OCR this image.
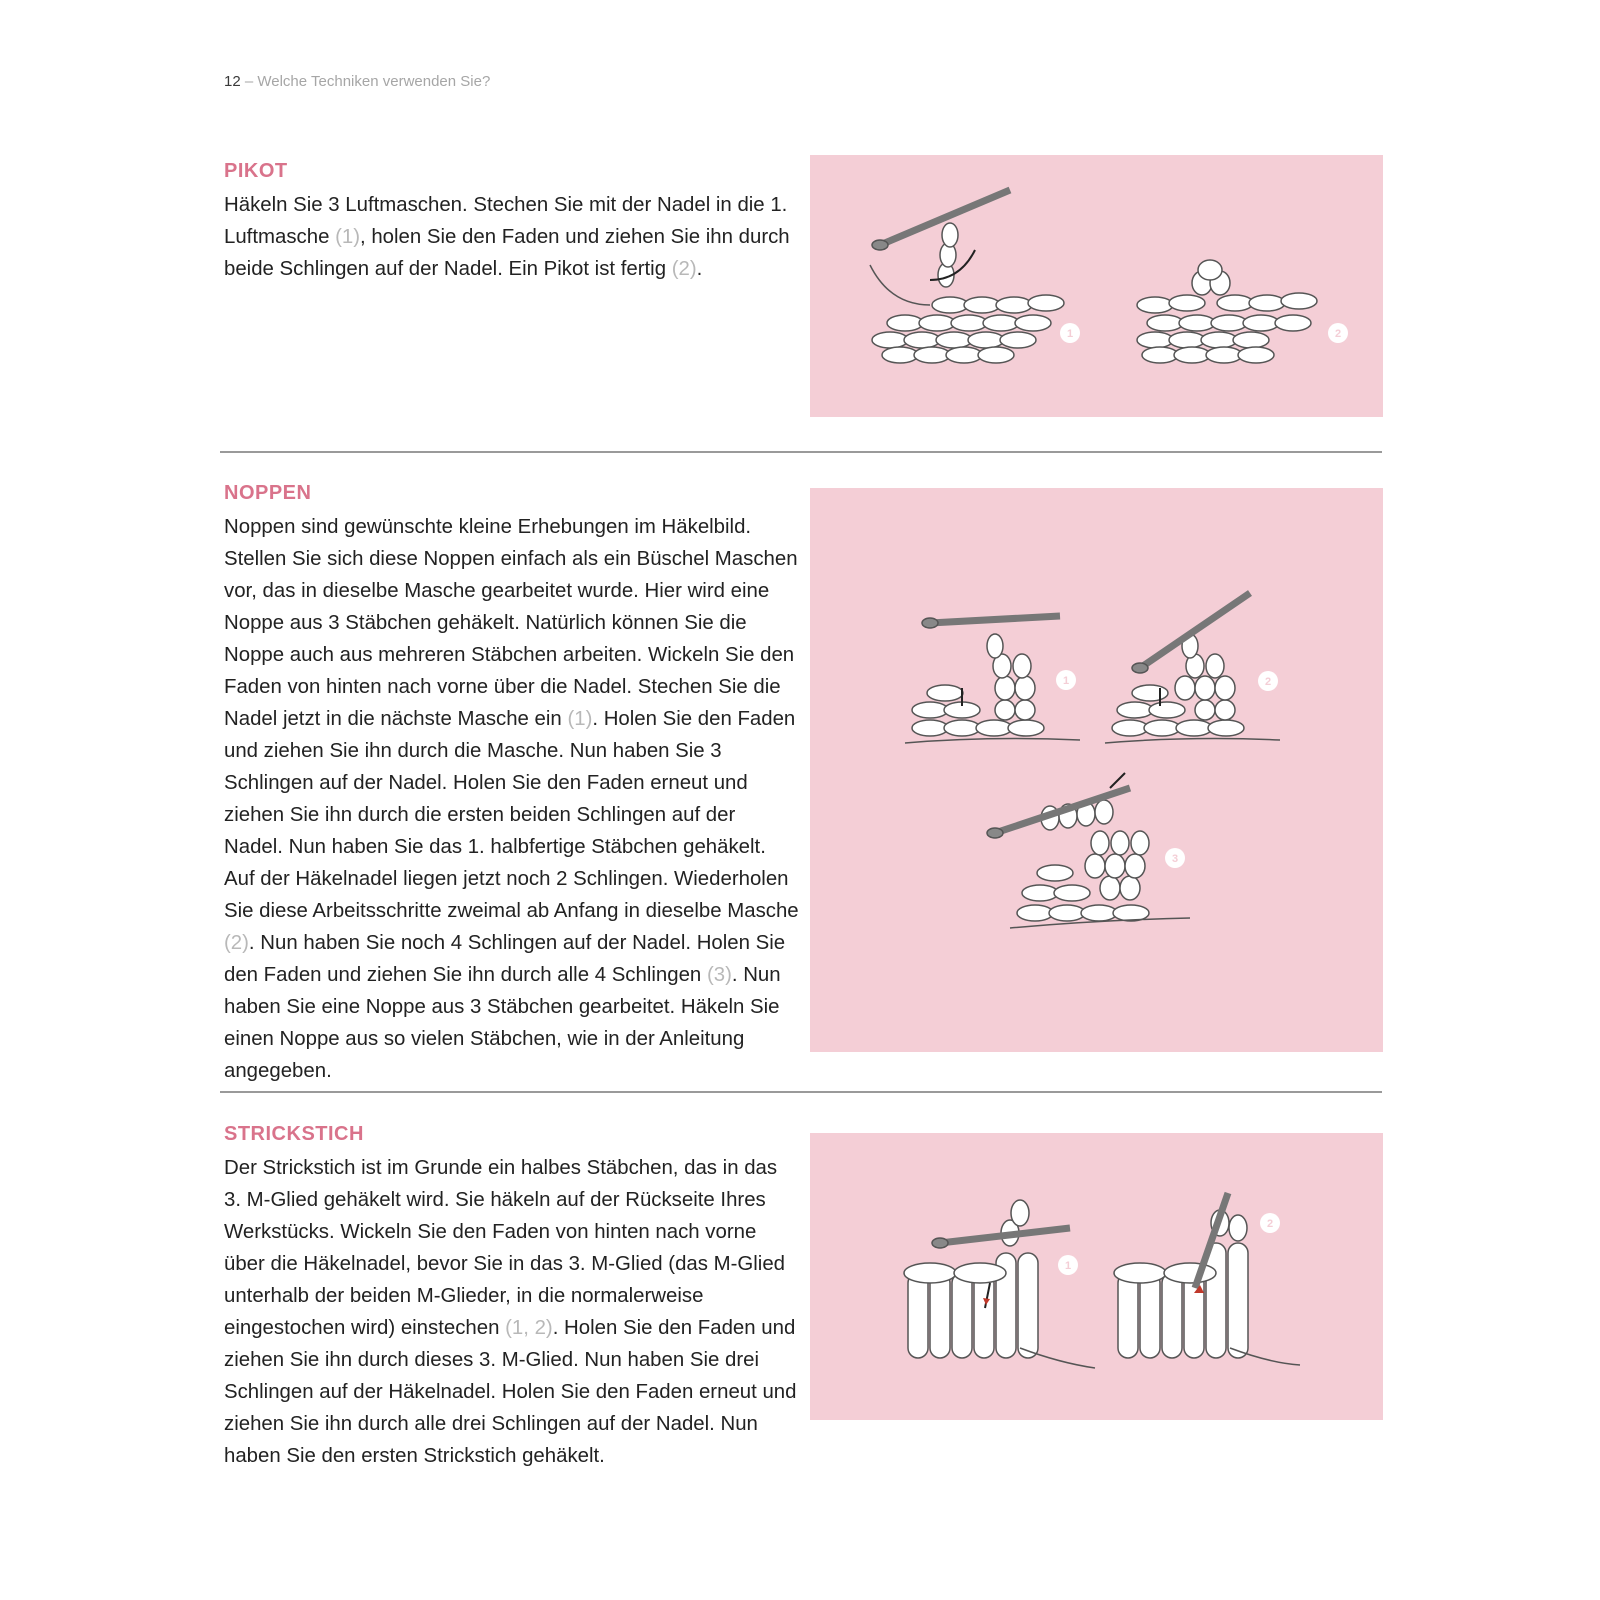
12 – Welche Techniken verwenden Sie?
PIKOT

Häkeln Sie 3 Luftmaschen. Stechen Sie mit der Nadel in die 1. Luftmasche (1), holen Sie den Faden und ziehen Sie ihn durch beide Schlingen auf der Nadel. Ein Pikot ist fertig (2).

1	2
NOPPEN

Noppen sind gewünschte kleine Erhebungen im Häkelbild. Stellen Sie sich diese Noppen einfach als ein Büschel Maschen vor, das in dieselbe Masche gearbeitet wurde. Hier wird eine Noppe aus 3 Stäbchen gehäkelt. Natürlich können Sie die Noppe auch aus mehreren Stäbchen arbeiten. Wickeln Sie den Faden von hinten nach vorne über die Nadel. Stechen Sie die Nadel jetzt in die nächste Masche ein (1). Holen Sie den Faden und ziehen Sie ihn durch die Masche. Nun haben Sie 3 Schlingen auf der Nadel. Holen Sie den Faden erneut und ziehen Sie ihn durch die ersten beiden Schlingen auf der Nadel. Nun haben Sie das 1. halbfertige Stäbchen gehäkelt. Auf der Häkelnadel liegen jetzt noch 2 Schlingen. Wiederholen Sie diese Arbeitsschritte zweimal ab Anfang in dieselbe Masche (2). Nun haben Sie noch 4 Schlingen auf der Nadel. Holen Sie den Faden und ziehen Sie ihn durch alle 4 Schlingen (3). Nun haben Sie eine Noppe aus 3 Stäbchen gearbeitet. Häkeln Sie einen Noppe aus so vielen Stäbchen, wie in der Anleitung angegeben.

1	2
3
STRICKSTICH

Der Strickstich ist im Grunde ein halbes Stäbchen, das in das 3. M-Glied gehäkelt wird. Sie häkeln auf der Rückseite Ihres Werkstücks. Wickeln Sie den Faden von hinten nach vorne über die Häkelnadel, bevor Sie in das 3. M-Glied (das M-Glied unterhalb der beiden M-Glieder, in die normalerweise eingestochen wird) einstechen (1, 2). Holen Sie den Faden und ziehen Sie ihn durch dieses 3. M-Glied. Nun haben Sie drei Schlingen auf der Häkelnadel. Holen Sie den Faden erneut und ziehen Sie ihn durch alle drei Schlingen auf der Nadel. Nun haben Sie den ersten Strickstich gehäkelt.

1
2
